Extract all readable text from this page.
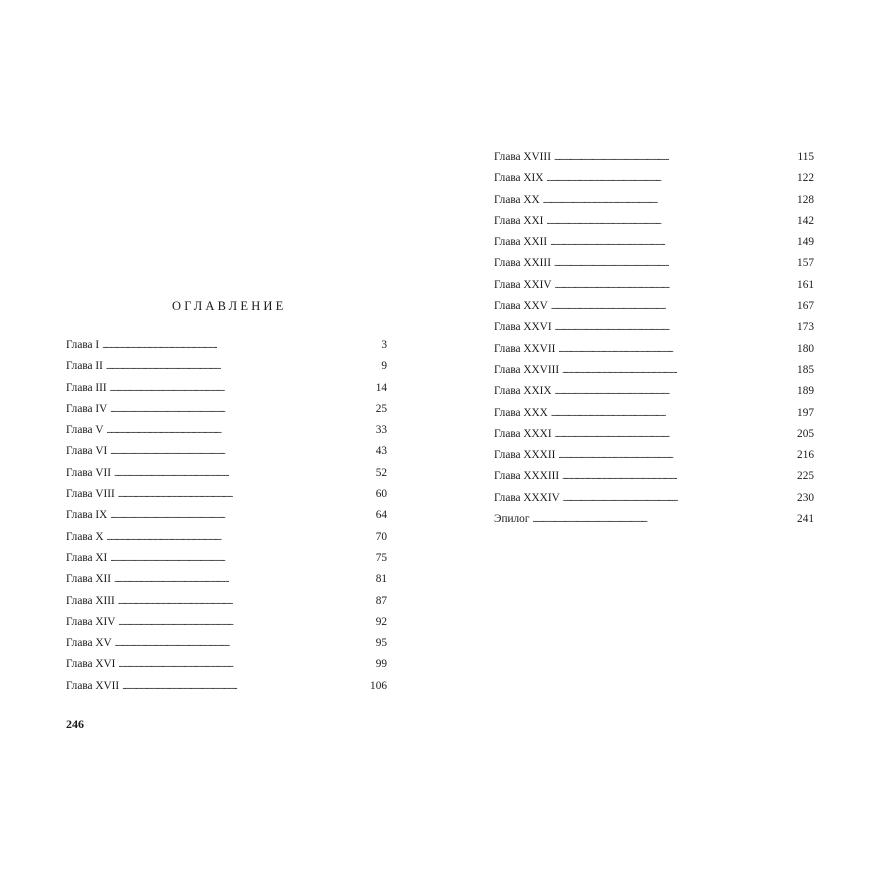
ОГЛАВЛЕНИЕ
Глава I . . .	3
Глава II . . .	9
Глава III . . .	14
Глава IV . . .	25
Глава V . . .	33
Глава VI . . .	43
Глава VII . . .	52
Глава VIII . . .	60
Глава IX . . .	64
Глава X . . .	70
Глава XI . . .	75
Глава XII . . .	81
Глава XIII . . .	87
Глава XIV . . .	92
Глава XV . . .	95
Глава XVI . . .	99
Глава XVII . . .	106
246
Глава XVIII . . .	115
Глава XIX . . .	122
Глава XX . . .	128
Глава XXI . . .	142
Глава XXII . . .	149
Глава XXIII . . .	157
Глава XXIV . . .	161
Глава XXV . . .	167
Глава XXVI . . .	173
Глава XXVII . . .	180
Глава XXVIII . . .	185
Глава XXIX . . .	189
Глава XXX . . .	197
Глава XXXI . . .	205
Глава XXXII . . .	216
Глава XXXIII . . .	225
Глава XXXIV . . .	230
Эпилог . . .	241
